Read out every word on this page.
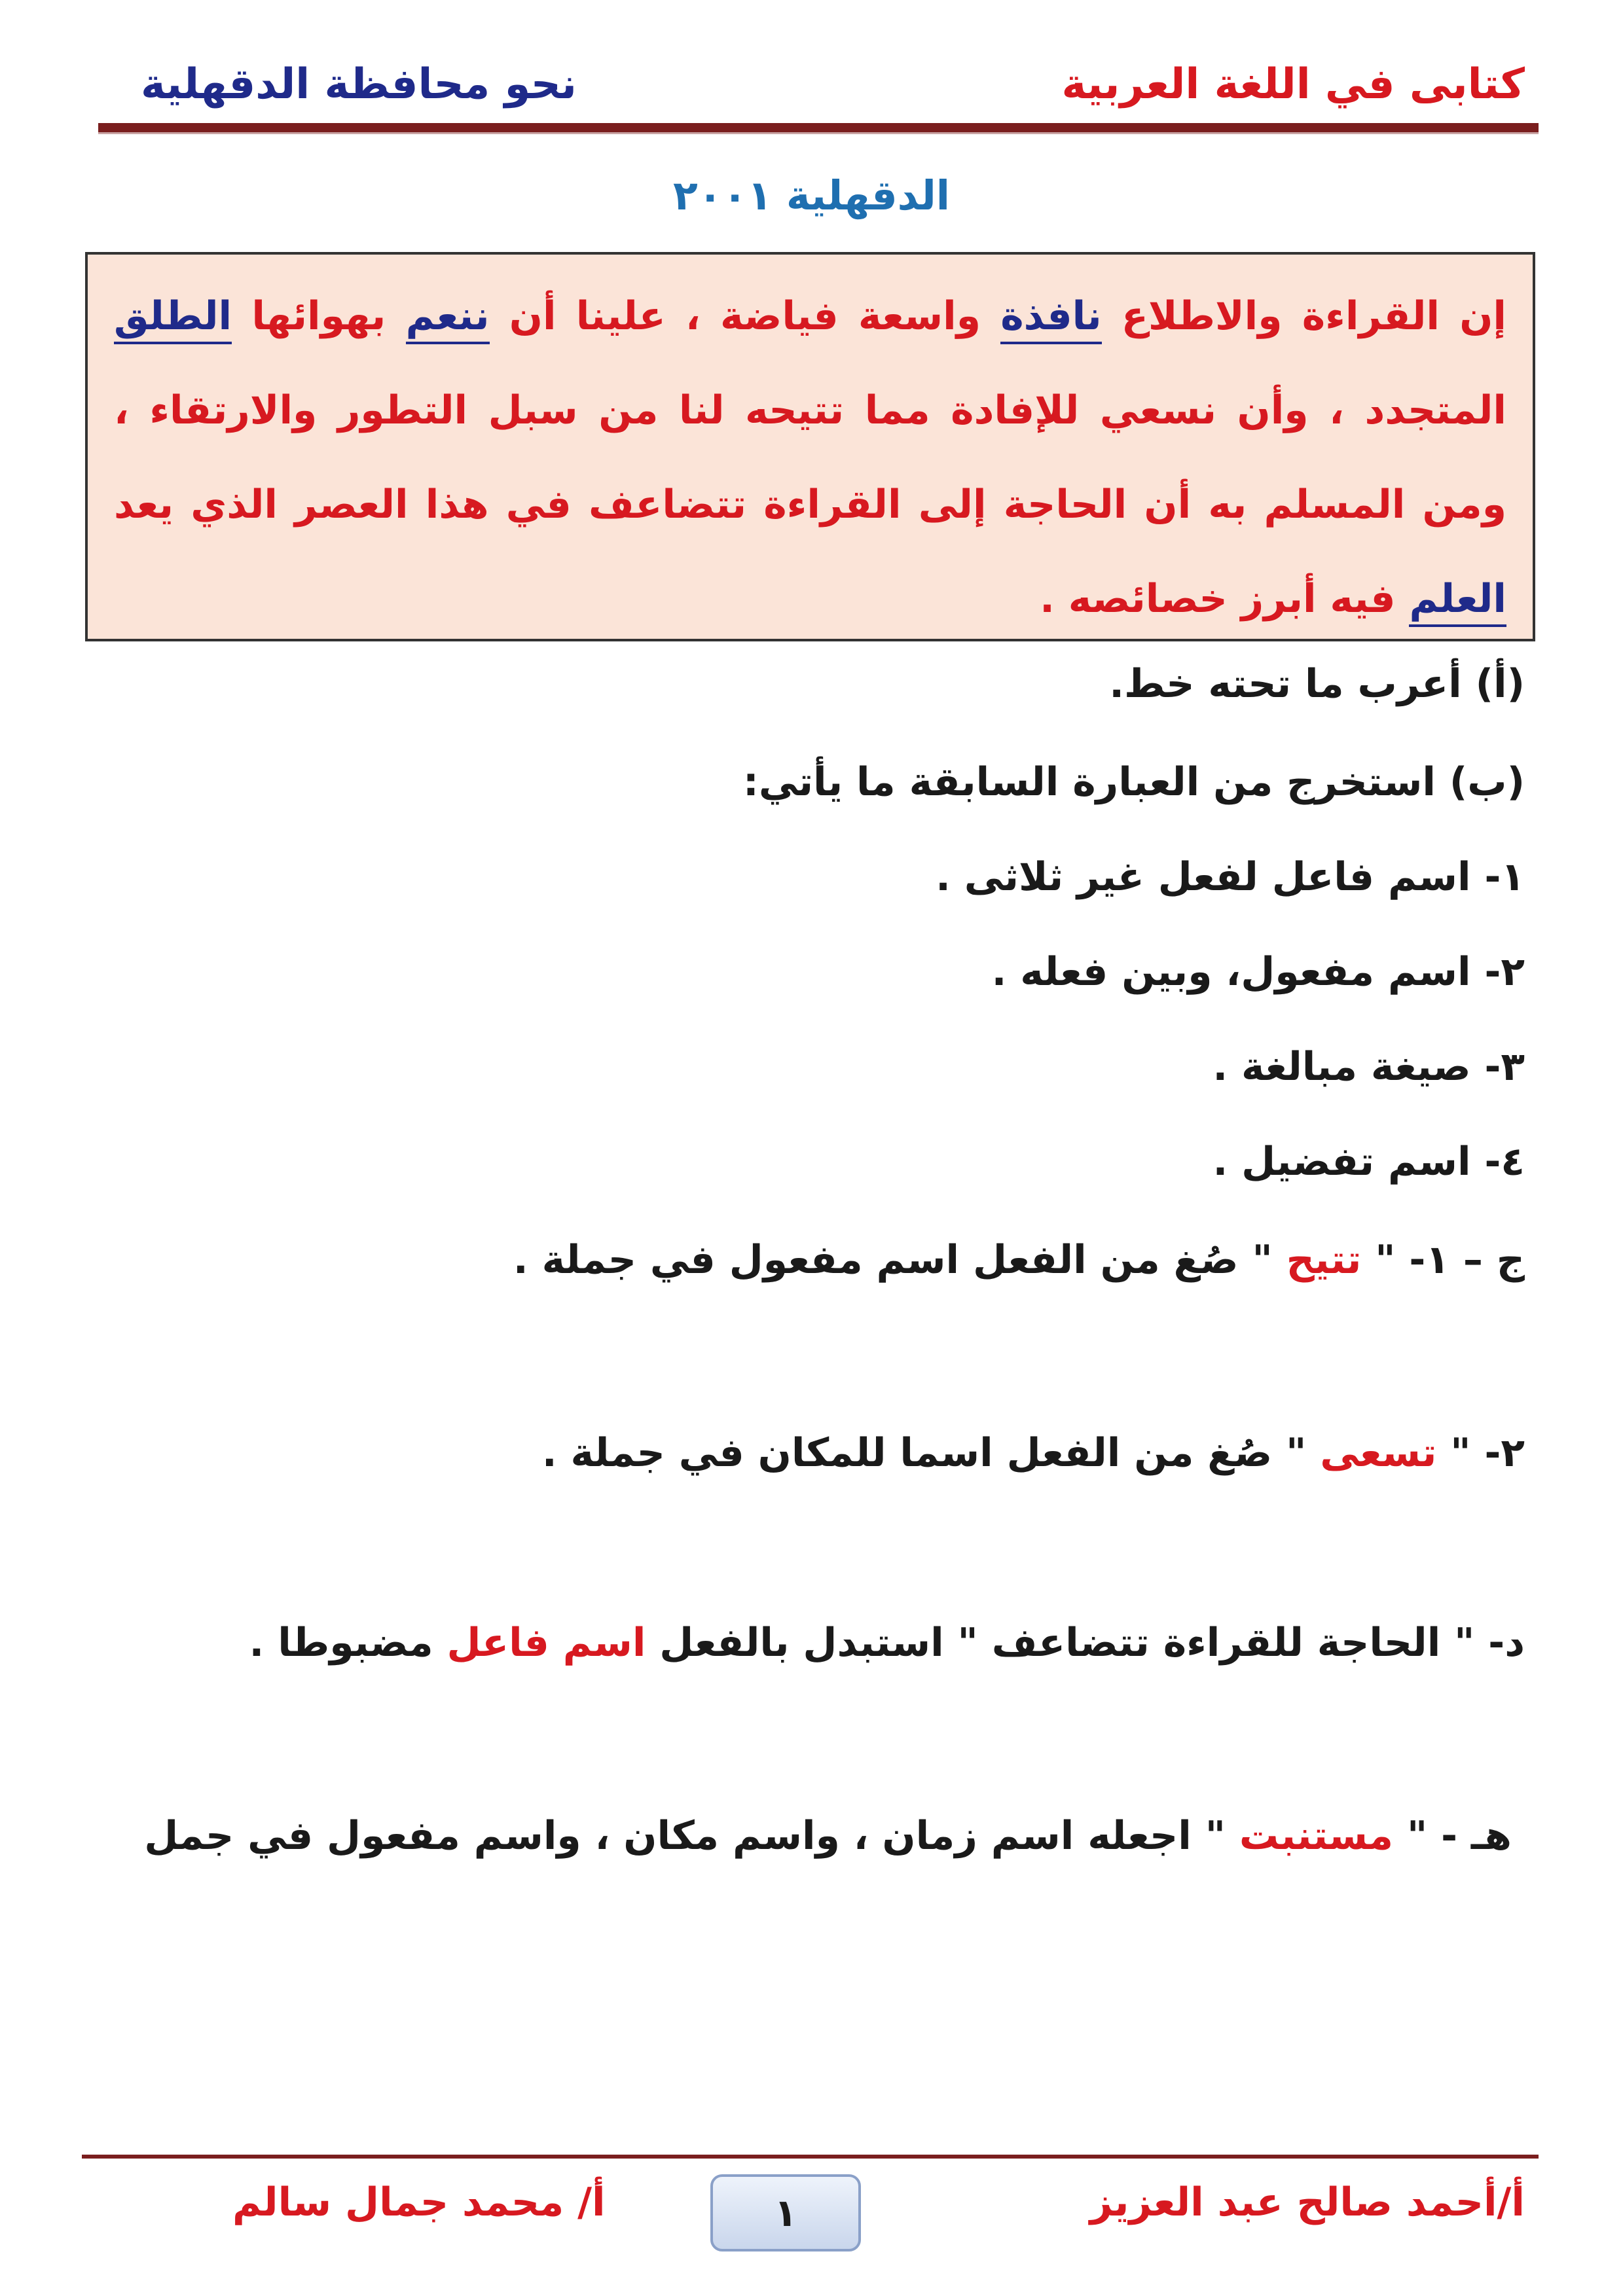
كتابى في اللغة العربية
نحو محافظة الدقهلية
الدقهلية ٢٠٠١
إن القراءة والاطلاع نافذة واسعة فياضة ، علينا أن ننعم بهوائها الطلق المتجدد ، وأن نسعي للإفادة مما تتيحه لنا من سبل التطور والارتقاء ، ومن المسلم به أن الحاجة إلى القراءة تتضاعف في هذا العصر الذي يعد العلم فيه أبرز خصائصه .
(أ) أعرب ما تحته خط.
(ب) استخرج من العبارة السابقة ما يأتي:
١- اسم فاعل لفعل غير ثلاثى .
٢- اسم مفعول، وبين فعله .
٣- صيغة مبالغة .
٤- اسم تفضيل .
ج – ١- " تتيح " صُغ من الفعل اسم مفعول في جملة .
٢- " تسعى " صُغ من الفعل اسما للمكان في جملة .
د- " الحاجة للقراءة تتضاعف " استبدل بالفعل اسم فاعل مضبوطا .
هـ - " مستنبت " اجعله اسم زمان ، واسم مكان ، واسم مفعول في جمل
أ/أحمد صالح عبد العزيز
١
أ/ محمد جمال سالم
